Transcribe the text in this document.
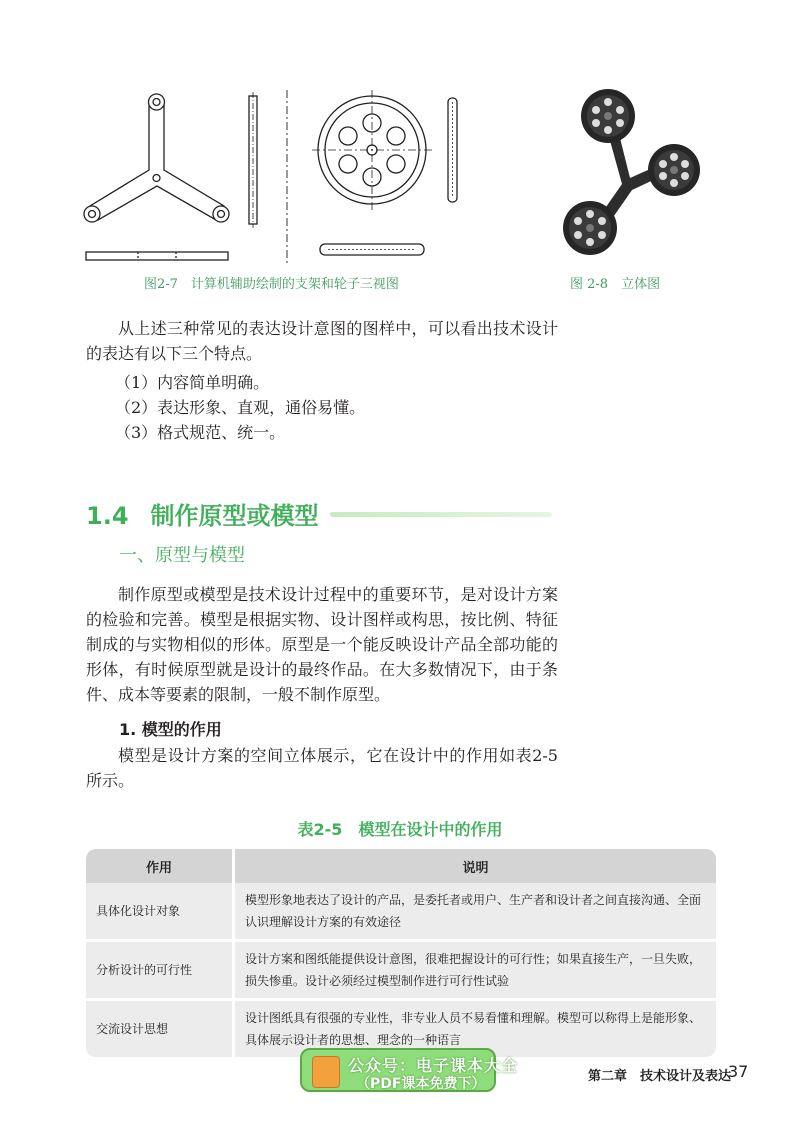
图2-7　计算机辅助绘制的支架和轮子三视图	图 2-8　立体图

从上述三种常见的表达设计意图的图样中，可以看出技术设计的表达有以下三个特点。

（1）内容简单明确。
（2）表达形象、直观，通俗易懂。
（3）格式规范、统一。
1.4 制作原型或模型
一、原型与模型

制作原型或模型是技术设计过程中的重要环节，是对设计方案的检验和完善。模型是根据实物、设计图样或构思，按比例、特征制成的与实物相似的形体。原型是一个能反映设计产品全部功能的形体，有时候原型就是设计的最终作品。在大多数情况下，由于条件、成本等要素的限制，一般不制作原型。

1. 模型的作用

模型是设计方案的空间立体展示，它在设计中的作用如表2-5所示。

表2-5　模型在设计中的作用
作用	说明
具体化设计对象	模型形象地表达了设计的产品，是委托者或用户、生产者和设计者之间直接沟通、全面认识理解设计方案的有效途径
分析设计的可行性	设计方案和图纸能提供设计意图，很难把握设计的可行性；如果直接生产，一旦失败，损失惨重。设计必须经过模型制作进行可行性试验
交流设计思想	设计图纸具有很强的专业性，非专业人员不易看懂和理解。模型可以称得上是能形象、具体展示设计者的思想、理念的一种语言
公众号：电子课本大全
（PDF课本免费下）	第二章　技术设计及表达
37
